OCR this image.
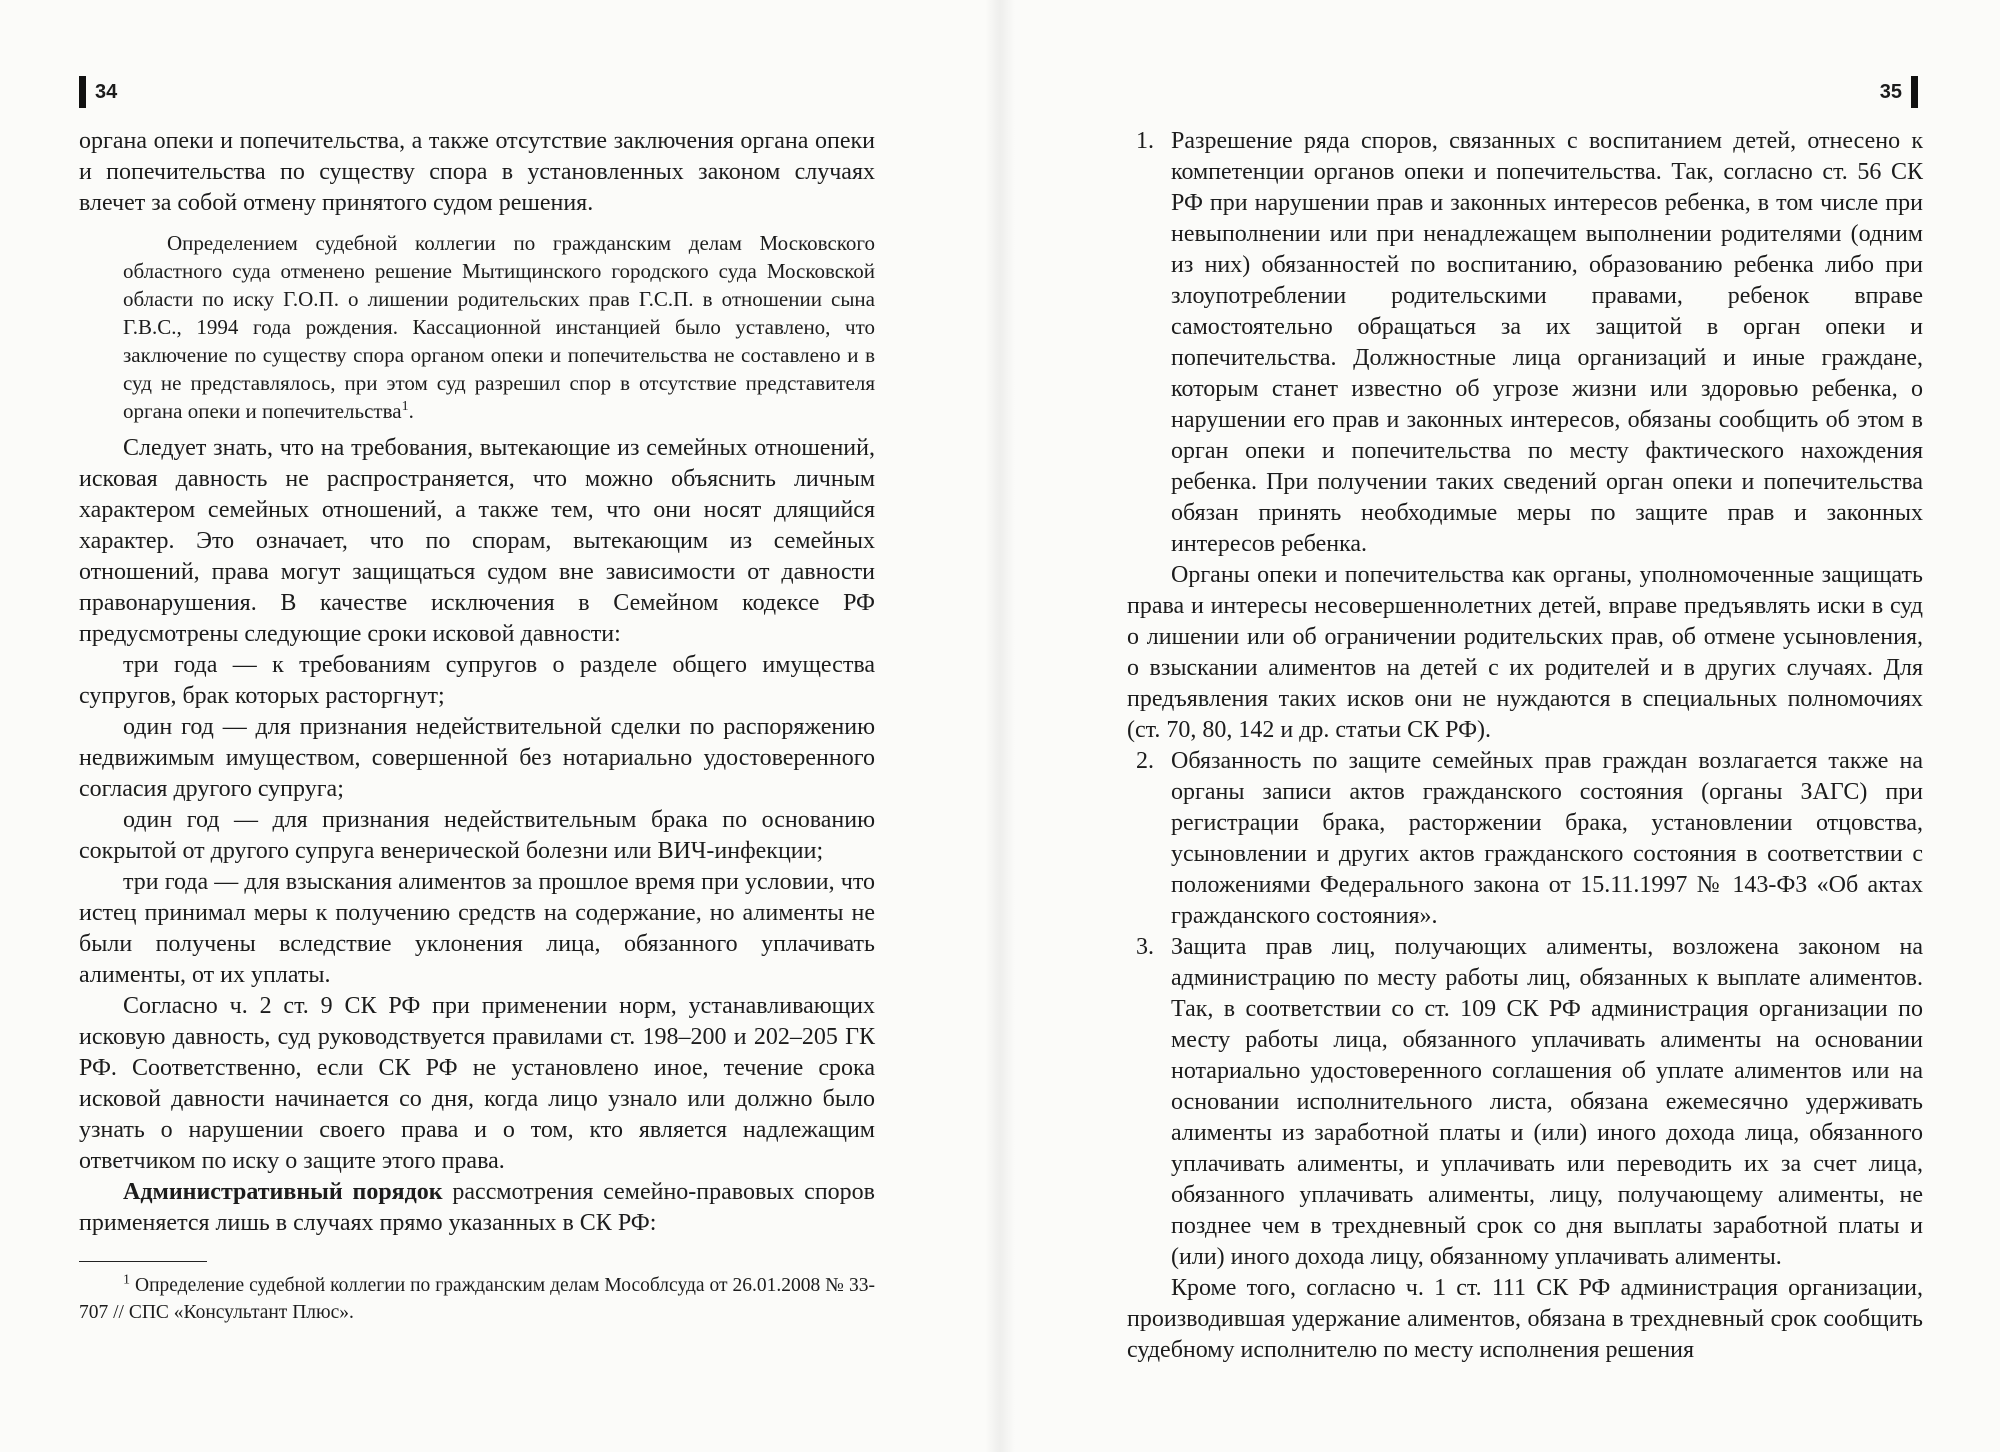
34

органа опеки и попечительства, а также отсутствие заключения органа опеки и попечительства по существу спора в установленных законом случаях влечет за собой отмену принятого судом решения.

Определением судебной коллегии по гражданским делам Московского областного суда отменено решение Мытищинского городского суда Московской области по иску Г.О.П. о лишении родительских прав Г.С.П. в отношении сына Г.В.С., 1994 года рождения. Кассационной инстанцией было уставлено, что заключение по существу спора органом опеки и попечительства не составлено и в суд не представлялось, при этом суд разрешил спор в отсутствие представителя органа опеки и попечительства$^1$.

Следует знать, что на требования, вытекающие из семейных отношений, исковая давность не распространяется, что можно объяснить личным характером семейных отношений, а также тем, что они носят длящийся характер. Это означает, что по спорам, вытекающим из семейных отношений, права могут защищаться судом вне зависимости от давности правонарушения. В качестве исключения в Семейном кодексе РФ предусмотрены следующие сроки исковой давности:

три года — к требованиям супругов о разделе общего имущества супругов, брак которых расторгнут;

один год — для признания недействительной сделки по распоряжению недвижимым имуществом, совершенной без нотариально удостоверенного согласия другого супруга;

один год — для признания недействительным брака по основанию сокрытой от другого супруга венерической болезни или ВИЧ-инфекции;

три года — для взыскания алиментов за прошлое время при условии, что истец принимал меры к получению средств на содержание, но алименты не были получены вследствие уклонения лица, обязанного уплачивать алименты, от их уплаты.

Согласно ч. 2 ст. 9 СК РФ при применении норм, устанавливающих исковую давность, суд руководствуется правилами ст. 198–200 и 202–205 ГК РФ. Соответственно, если СК РФ не установлено иное, течение срока исковой давности начинается со дня, когда лицо узнало или должно было узнать о нарушении своего права и о том, кто является надлежащим ответчиком по иску о защите этого права.

Административный порядок рассмотрения семейно-правовых споров применяется лишь в случаях прямо указанных в СК РФ:

$^1$ Определение судебной коллегии по гражданским делам Мособлсуда от 26.01.2008 № 33-707 // СПС «Консультант Плюс».

35
1. Разрешение ряда споров, связанных с воспитанием детей, отнесено к компетенции органов опеки и попечительства. Так, согласно ст. 56 СК РФ при нарушении прав и законных интересов ребенка, в том числе при невыполнении или при ненадлежащем выполнении родителями (одним из них) обязанностей по воспитанию, образованию ребенка либо при злоупотреблении родительскими правами, ребенок вправе самостоятельно обращаться за их защитой в орган опеки и попечительства. Должностные лица организаций и иные граждане, которым станет известно об угрозе жизни или здоровью ребенка, о нарушении его прав и законных интересов, обязаны сообщить об этом в орган опеки и попечительства по месту фактического нахождения ребенка. При получении таких сведений орган опеки и попечительства обязан принять необходимые меры по защите прав и законных интересов ребенка.

Органы опеки и попечительства как органы, уполномоченные защищать права и интересы несовершеннолетних детей, вправе предъявлять иски в суд о лишении или об ограничении родительских прав, об отмене усыновления, о взыскании алиментов на детей с их родителей и в других случаях. Для предъявления таких исков они не нуждаются в специальных полномочиях (ст. 70, 80, 142 и др. статьи СК РФ).

2. Обязанность по защите семейных прав граждан возлагается также на органы записи актов гражданского состояния (органы ЗАГС) при регистрации брака, расторжении брака, установлении отцовства, усыновлении и других актов гражданского состояния в соответствии с положениями Федерального закона от 15.11.1997 № 143-ФЗ «Об актах гражданского состояния».
3. Защита прав лиц, получающих алименты, возложена законом на администрацию по месту работы лиц, обязанных к выплате алиментов. Так, в соответствии со ст. 109 СК РФ администрация организации по месту работы лица, обязанного уплачивать алименты на основании нотариально удостоверенного соглашения об уплате алиментов или на основании исполнительного листа, обязана ежемесячно удерживать алименты из заработной платы и (или) иного дохода лица, обязанного уплачивать алименты, и уплачивать или переводить их за счет лица, обязанного уплачивать алименты, лицу, получающему алименты, не позднее чем в трехдневный срок со дня выплаты заработной платы и (или) иного дохода лицу, обязанному уплачивать алименты.

Кроме того, согласно ч. 1 ст. 111 СК РФ администрация организации, производившая удержание алиментов, обязана в трехдневный срок сообщить судебному исполнителю по месту исполнения решения
